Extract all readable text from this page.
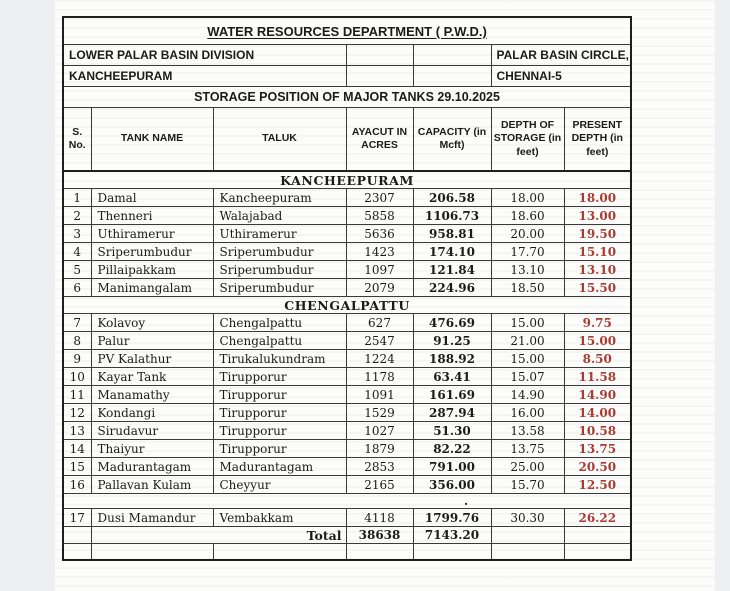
WATER RESOURCES DEPARTMENT ( P.W.D.)						
LOWER PALAR BASIN DIVISION					PALAR BASIN CIRCLE,	
KANCHEEPURAM					CHENNAI-5	
STORAGE POSITION OF MAJOR TANKS 29.10.2025						
S. No.	TANK NAME	TALUK	AYACUT IN ACRES	CAPACITY (in Mcft)	DEPTH OF STORAGE (in feet)	PRESENT DEPTH (in feet)
KANCHEEPURAM						
1	Damal	Kancheepuram	2307	206.58	18.00	18.00
2	Thenneri	Walajabad	5858	1106.73	18.60	13.00
3	Uthiramerur	Uthiramerur	5636	958.81	20.00	19.50
4	Sriperumbudur	Sriperumbudur	1423	174.10	17.70	15.10
5	Pillaipakkam	Sriperumbudur	1097	121.84	13.10	13.10
6	Manimangalam	Sriperumbudur	2079	224.96	18.50	15.50
CHENGALPATTU						
7	Kolavoy	Chengalpattu	627	476.69	15.00	9.75
8	Palur	Chengalpattu	2547	91.25	21.00	15.00
9	PV Kalathur	Tirukalukundram	1224	188.92	15.00	8.50
10	Kayar Tank	Tirupporur	1178	63.41	15.07	11.58
11	Manamathy	Tirupporur	1091	161.69	14.90	14.90
12	Kondangi	Tirupporur	1529	287.94	16.00	14.00
13	Sirudavur	Tirupporur	1027	51.30	13.58	10.58
14	Thaiyur	Tirupporur	1879	82.22	13.75	13.75
15	Madurantagam	Madurantagam	2853	791.00	25.00	20.50
16	Pallavan Kulam	Cheyyur	2165	356.00	15.70	12.50
.						
17	Dusi Mamandur	Vembakkam	4118	1799.76	30.30	26.22
	Total		38638	7143.20		
